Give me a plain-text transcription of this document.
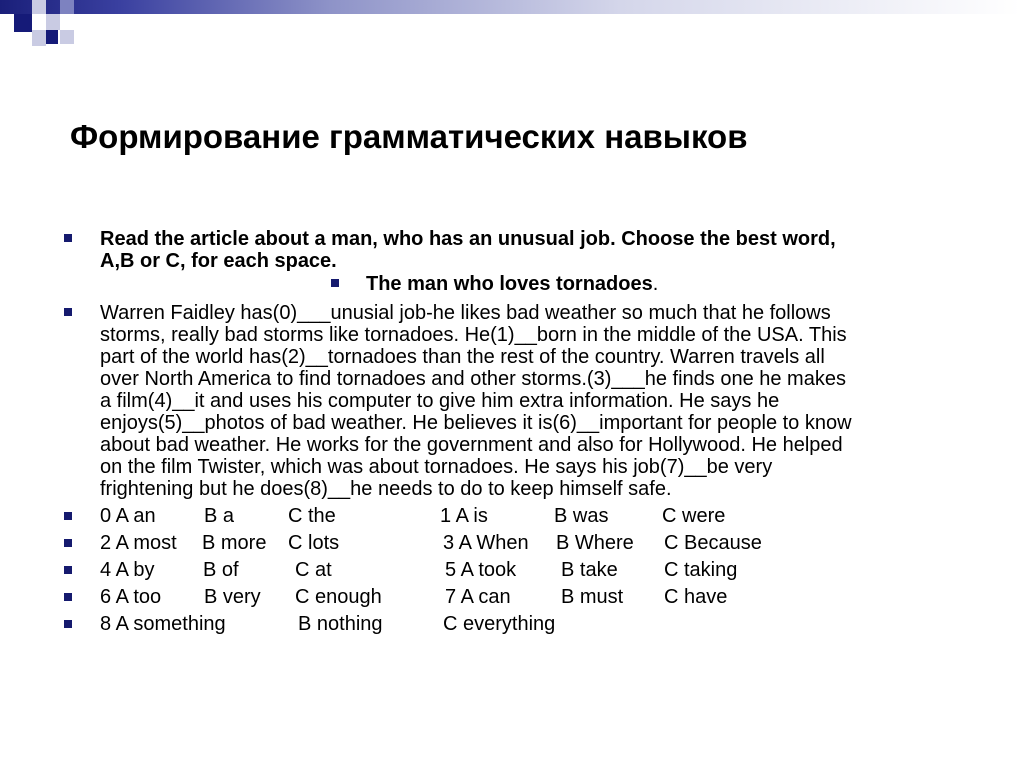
Формирование грамматических навыков
Read the article about a man, who has an unusual job. Choose the best word,
A,B or C, for each space.
The man who loves tornadoes.
Warren Faidley has(0)___unusial job-he likes bad weather so much that he follows
storms, really bad storms like tornadoes. He(1)__born in the middle of the USA. This
part of the world has(2)__tornadoes than the rest of the country. Warren travels all
over North America to find tornadoes and other storms.(3)___he finds one he makes
a film(4)__it and uses his computer to give him extra information. He says he
enjoys(5)__photos of bad weather. He believes it is(6)__important for people to know
about bad weather. He works for the government and also for Hollywood. He helped
on the film Twister, which was about tornadoes. He says his job(7)__be very
frightening but he does(8)__he needs to do to keep himself safe.
0 A an B a	C the	1 A is	B was	C were
2 A most B more C lots	3 A When B Where C Because
4 A by B of	C at	5 A took B take C taking
6 A too B very C enough	7 A can	B must C have
8 A something	B nothing	C everything
